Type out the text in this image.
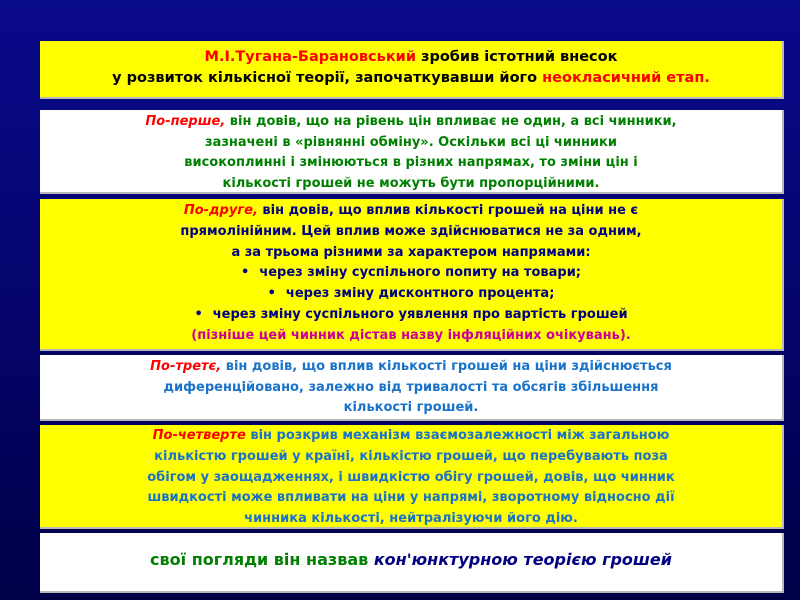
М.І.Тугана-Барановський зробив істотний внесок
у розвиток кількісної теорії, започаткувавши його неокласичний етап.
По-перше, він довів, що на рівень цін впливає не один, а всі чинники,
зазначені в «рівнянні обміну». Оскільки всі ці чинники
високоплинні і змінюються в різних напрямах, то зміни цін і
кількості грошей не можуть бути пропорційними.
По-друге, він довів, що вплив кількості грошей на ціни не є
прямолінійним. Цей вплив може здійснюватися не за одним,
а за трьома різними за характером напрямами:
• через зміну суспільного попиту на товари;
• через зміну дисконтного процента;
• через зміну суспільного уявлення про вартість грошей
(пізніше цей чинник дістав назву інфляційних очікувань).
По-третє, він довів, що вплив кількості грошей на ціни здійснюється
диференційовано, залежно від тривалості та обсягів збільшення
кількості грошей.
По-четверте він розкрив механізм взаємозалежності між загальною
кількістю грошей у країні, кількістю грошей, що перебувають поза
обігом у заощадженнях, і швидкістю обігу грошей, довів, що чинник
швидкості може впливати на ціни у напрямі, зворотному відносно дії
чинника кількості, нейтралізуючи його дію.
свої погляди він назвав кон'юнктурною теорією грошей
